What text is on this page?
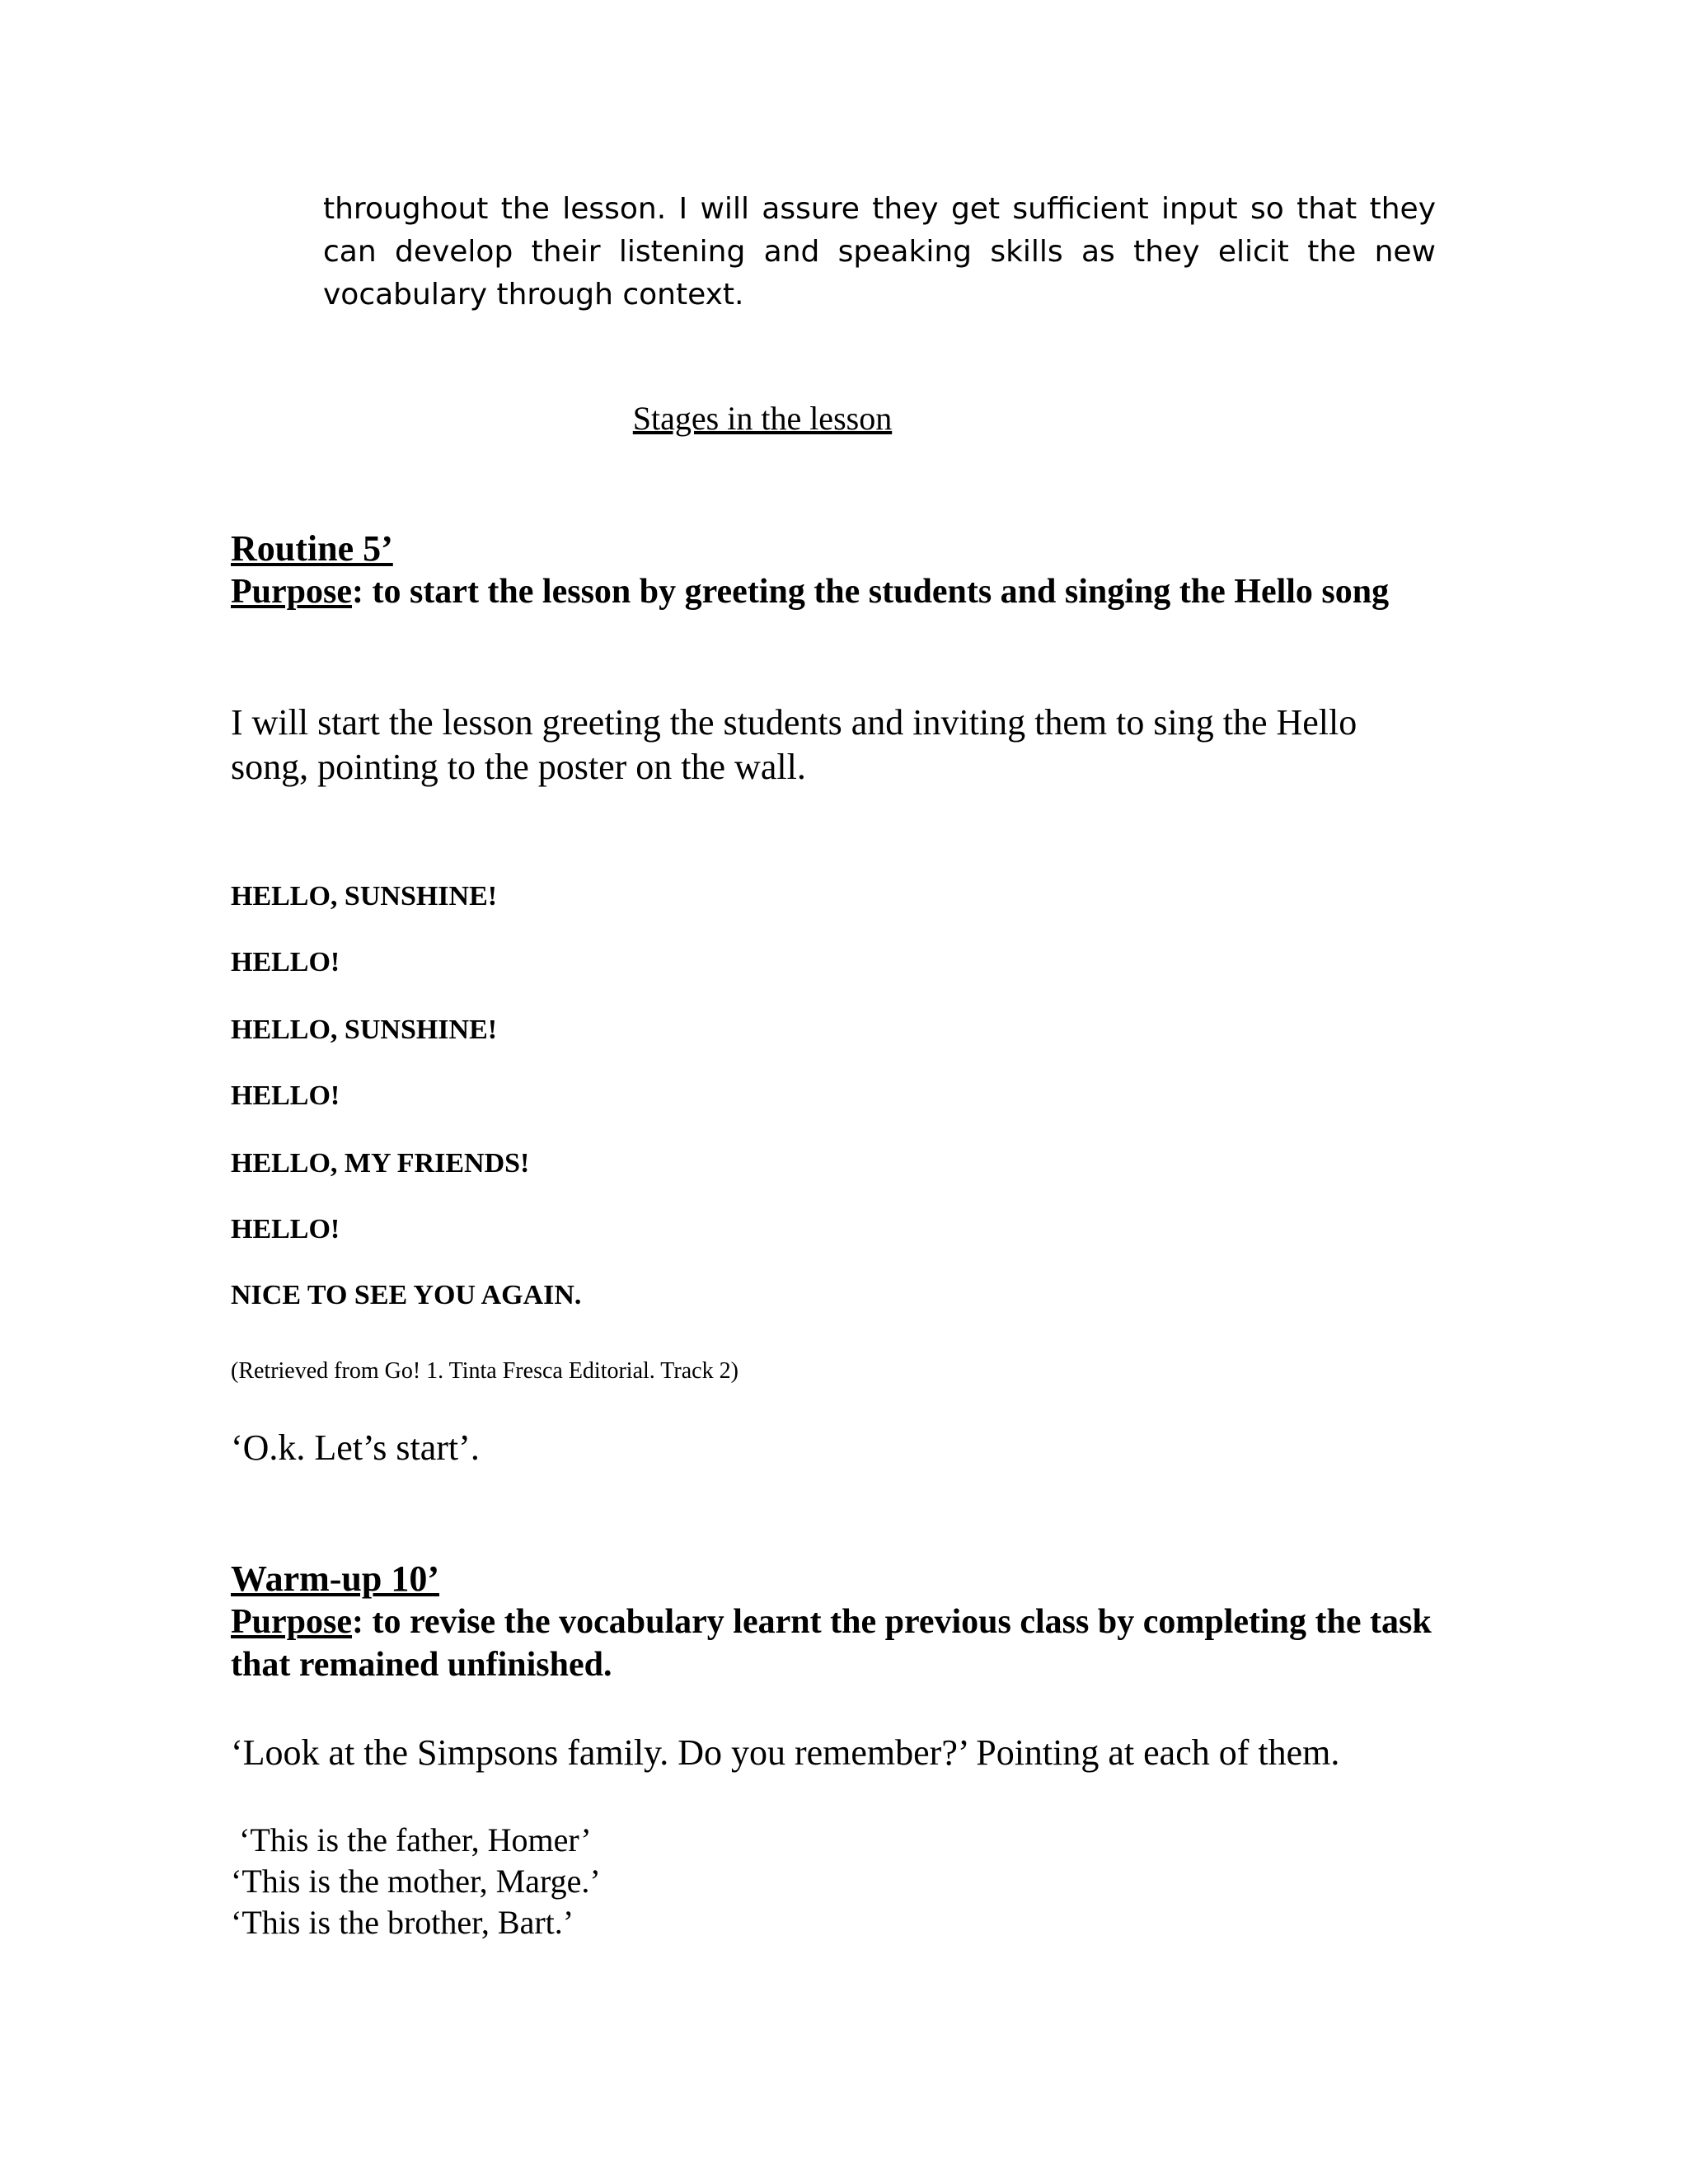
throughout the lesson. I will assure they get sufficient input so that they
can develop their listening and speaking skills as they elicit the new
vocabulary through context.
Stages in the lesson

Routine 5’

Purpose: to start the lesson by greeting the students and singing the Hello song

I will start the lesson greeting the students and inviting them to sing the Hello song, pointing to the poster on the wall.

HELLO, SUNSHINE!

HELLO!

HELLO, SUNSHINE!

HELLO!

HELLO, MY FRIENDS!

HELLO!

NICE TO SEE YOU AGAIN.

(Retrieved from Go! 1. Tinta Fresca Editorial. Track 2)

‘O.k. Let’s start’.

Warm-up 10’

Purpose: to revise the vocabulary learnt the previous class by completing the task that remained unfinished.

‘Look at the Simpsons family. Do you remember?’ Pointing at each of them.

‘This is the father, Homer’

‘This is the mother, Marge.’

‘This is the brother, Bart.’
